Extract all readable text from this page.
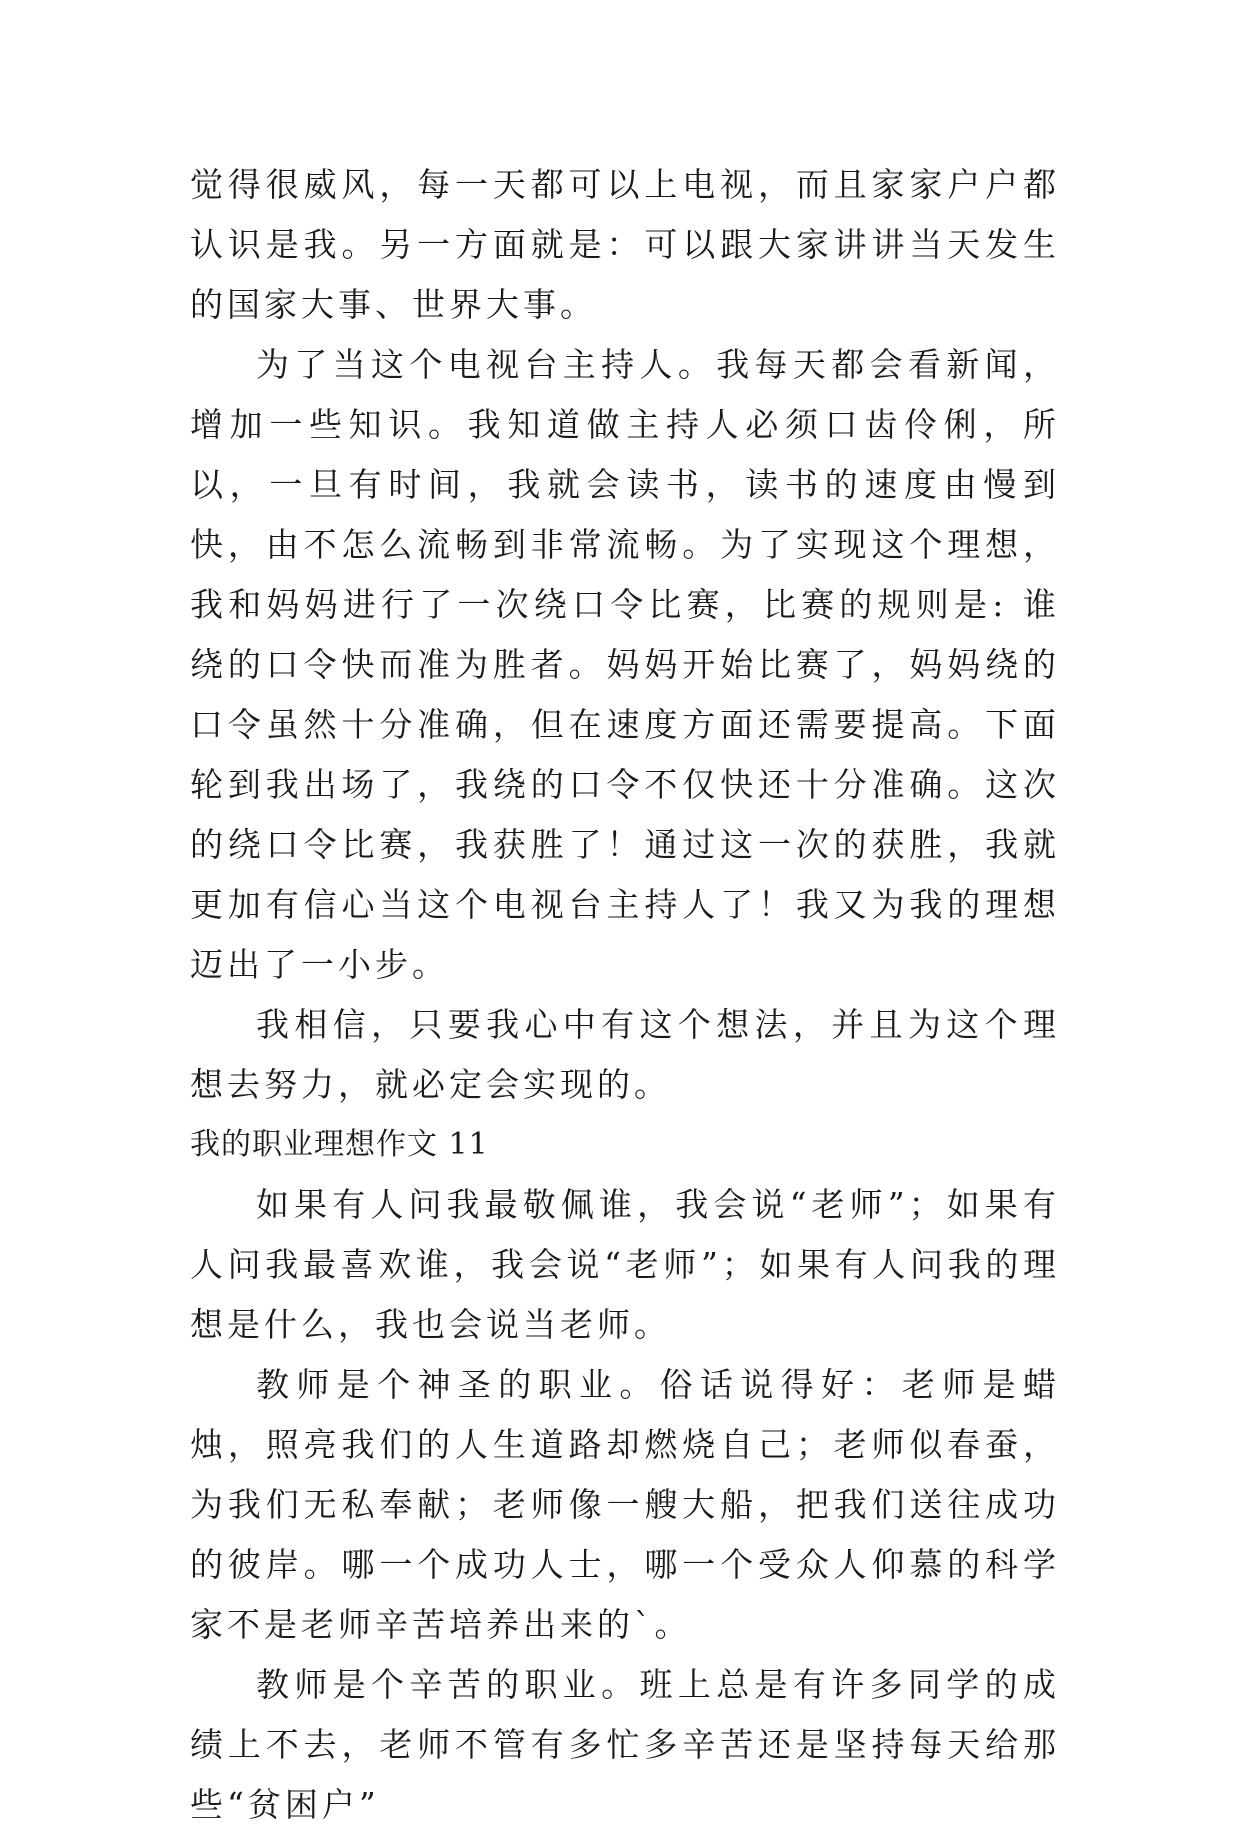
觉得很威风，每一天都可以上电视，而且家家户户都认识是我。另一方面就是：可以跟大家讲讲当天发生的国家大事、世界大事。

为了当这个电视台主持人。我每天都会看新闻，增加一些知识。我知道做主持人必须口齿伶俐，所以，一旦有时间，我就会读书，读书的速度由慢到快，由不怎么流畅到非常流畅。为了实现这个理想，我和妈妈进行了一次绕口令比赛，比赛的规则是: 谁绕的口令快而准为胜者。妈妈开始比赛了，妈妈绕的口令虽然十分准确，但在速度方面还需要提高。下面轮到我出场了，我绕的口令不仅快还十分准确。这次的绕口令比赛，我获胜了！通过这一次的获胜，我就更加有信心当这个电视台主持人了！我又为我的理想迈出了一小步。

我相信，只要我心中有这个想法，并且为这个理想去努力，就必定会实现的。

我的职业理想作文 11

如果有人问我最敬佩谁，我会说“老师”；如果有人问我最喜欢谁，我会说“老师”；如果有人问我的理想是什么，我也会说当老师。

教师是个神圣的职业。俗话说得好：老师是蜡烛，照亮我们的人生道路却燃烧自己；老师似春蚕，为我们无私奉献；老师像一艘大船，把我们送往成功的彼岸。哪一个成功人士，哪一个受众人仰慕的科学家不是老师辛苦培养出来的`。

教师是个辛苦的职业。班上总是有许多同学的成绩上不去，老师不管有多忙多辛苦还是坚持每天给那些“贫困户”
